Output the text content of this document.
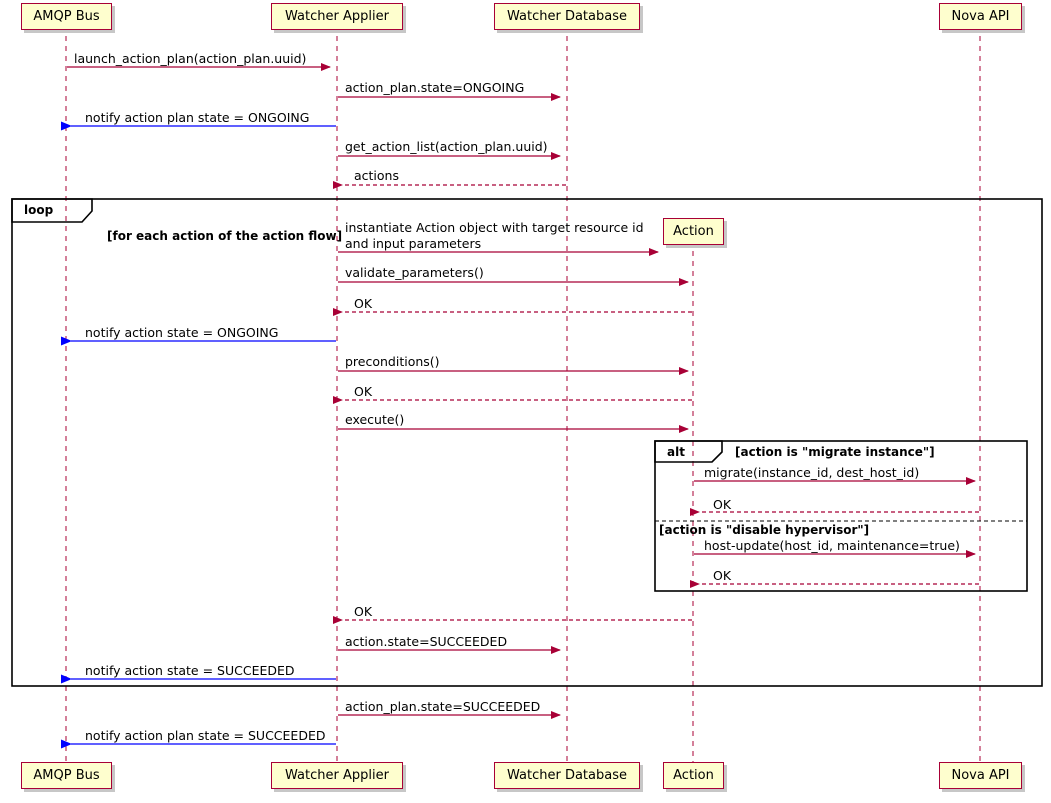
AMQP Bus	Watcher Applier	Watcher Database	Nova API
Action
AMQP Bus	Watcher Applier	Watcher Database	Action	Nova API
loop
[for each action of the action flow]
alt	[action is "migrate instance"]
[action is "disable hypervisor"]
launch_action_plan(action_plan.uuid)
action_plan.state=ONGOING
notify action plan state = ONGOING
get_action_list(action_plan.uuid)
actions
instantiate Action object with target resource id
and input parameters
validate_parameters()
OK
notify action state = ONGOING
preconditions()
OK
execute()
migrate(instance_id, dest_host_id)
OK
host-update(host_id, maintenance=true)
OK
OK
action.state=SUCCEEDED
notify action state = SUCCEEDED
action_plan.state=SUCCEEDED
notify action plan state = SUCCEEDED
